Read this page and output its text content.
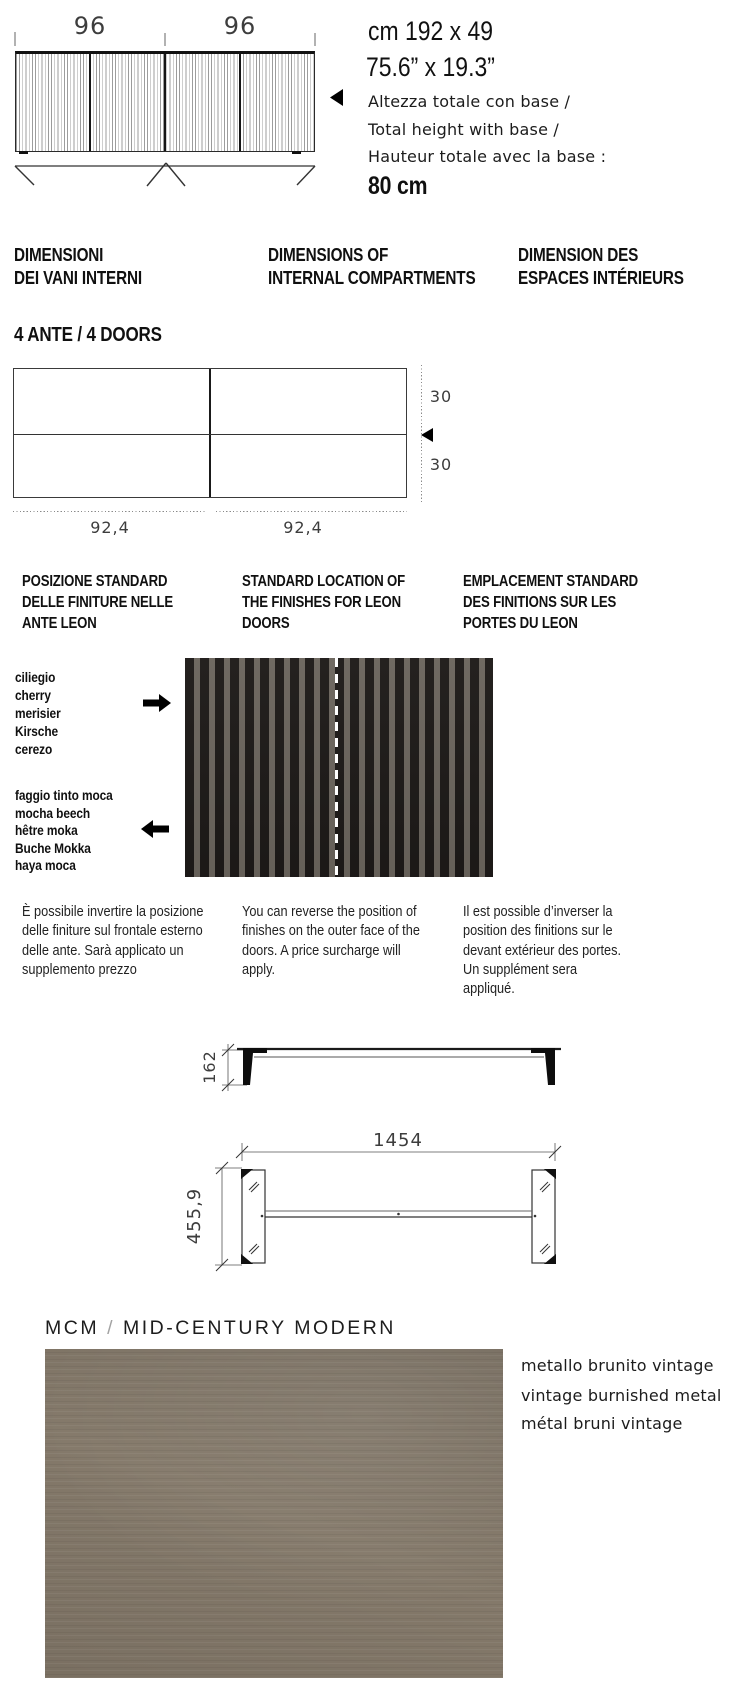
96	96	cm 192 x 49
75.6” x 19.3”
Altezza totale con base /
Total height with base /
Hauteur totale avec la base :
80 cm
DIMENSIONI
DEI VANI INTERNI
DIMENSIONS OF
INTERNAL COMPARTMENTS
DIMENSION DES
ESPACES INTÉRIEURS
4 ANTE / 4 DOORS
30
30
92,4	92,4
POSIZIONE STANDARD
DELLE FINITURE NELLE
ANTE LEON
STANDARD LOCATION OF
THE FINISHES FOR LEON
DOORS
EMPLACEMENT STANDARD
DES FINITIONS SUR LES
PORTES DU LEON
ciliegio
cherry
merisier
Kirsche
cerezo
faggio tinto moca
mocha beech
hêtre moka
Buche Mokka
haya moca
È possibile invertire la posizione
delle finiture sul frontale esterno
delle ante. Sarà applicato un
supplemento prezzo
You can reverse the position of
finishes on the outer face of the
doors. A price surcharge will
apply.
Il est possible d’inverser la
position des finitions sur le
devant extérieur des portes.
Un supplément sera
appliqué.
162
1454
455,9
MCM / MID-CENTURY MODERN
metallo brunito vintage
vintage burnished metal
métal bruni vintage
